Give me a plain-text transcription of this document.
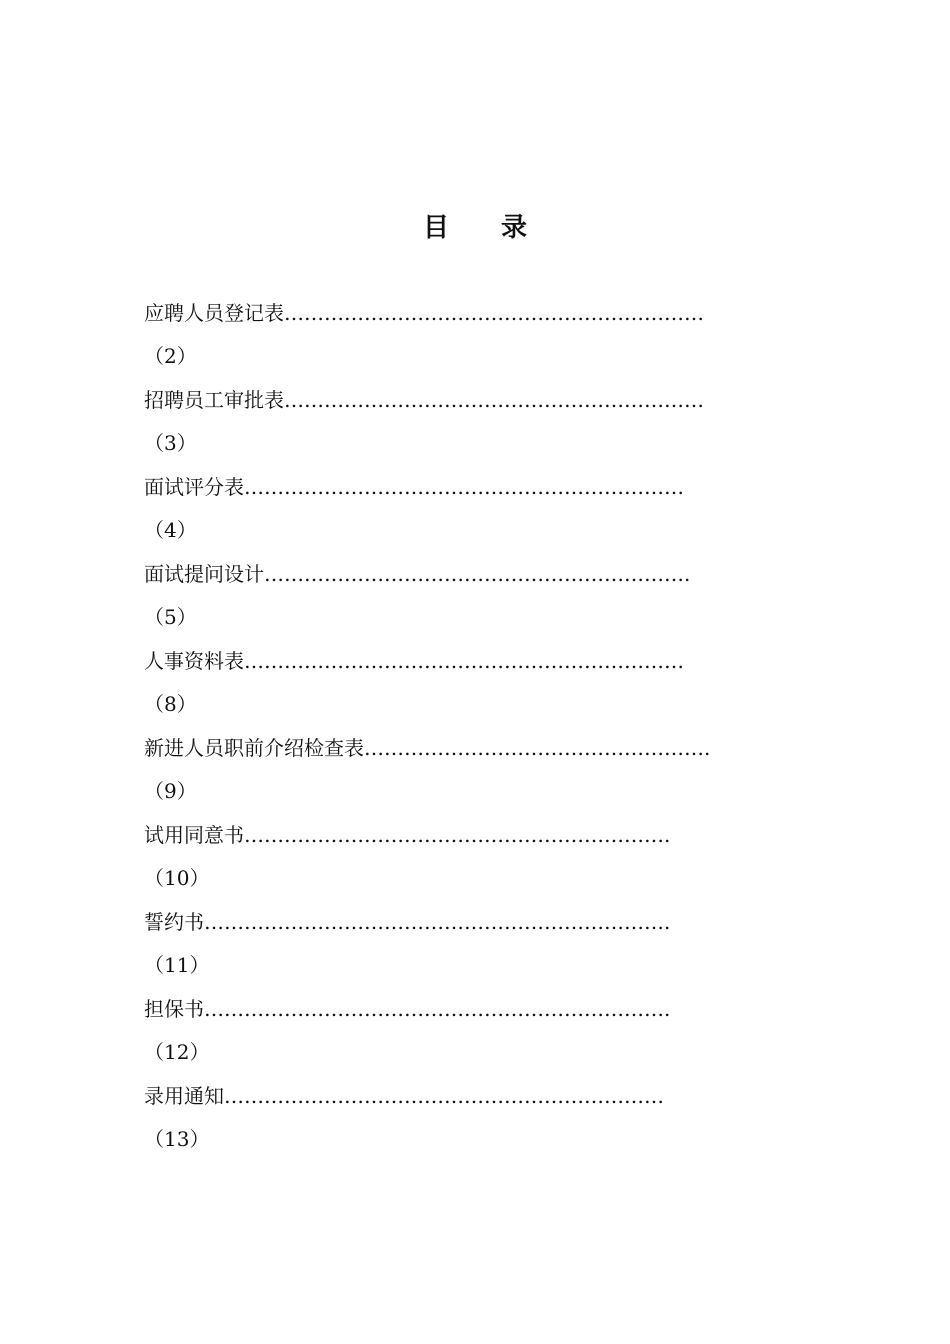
目 录
应聘人员登记表………………………………………………………
（2）
招聘员工审批表………………………………………………………
（3）
面试评分表…………………………………………………………
（4）
面试提问设计……………………………………………………….
（5）
人事资料表…………………………………………………………
（8）
新进人员职前介绍检查表…………………………………………….
（9）
试用同意书……………………………………………………….
（10）
誓约书…………………………………………………………….
（11）
担保书…………………………………………………………….
（12）
录用通知…………………………………………………………
（13）
